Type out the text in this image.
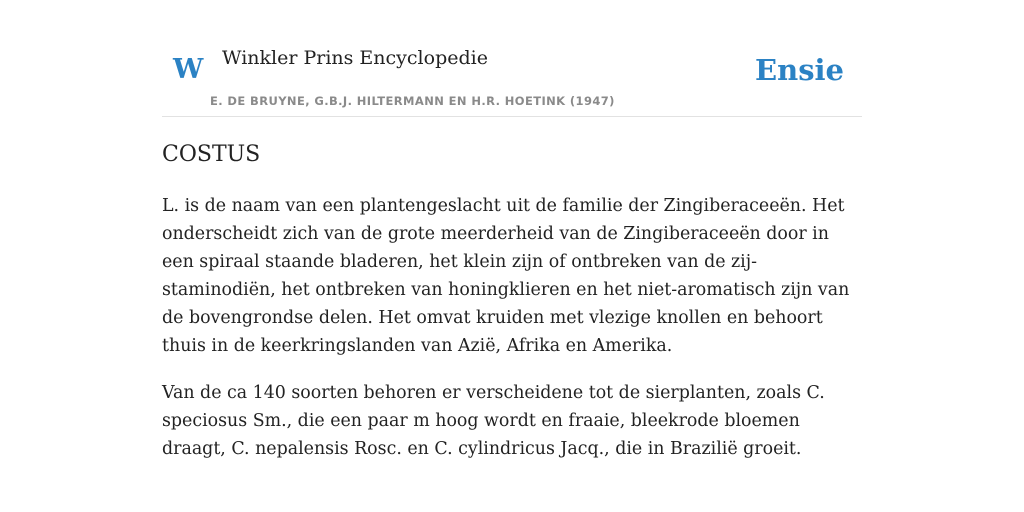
W Winkler Prins Encyclopedie
E. DE BRUYNE, G.B.J. HILTERMANN EN H.R. HOETINK (1947)
Ensie
COSTUS

L. is de naam van een plantengeslacht uit de familie der Zingiberaceeën. Het onderscheidt zich van de grote meerderheid van de Zingiberaceeën door in een spiraal staande bladeren, het klein zijn of ontbreken van de zij-staminodiën, het ontbreken van honingklieren en het niet-aromatisch zijn van de bovengrondse delen. Het omvat kruiden met vlezige knollen en behoort thuis in de keerkringslanden van Azië, Afrika en Amerika.

Van de ca 140 soorten behoren er verscheidene tot de sierplanten, zoals C. speciosus Sm., die een paar m hoog wordt en fraaie, bleekrode bloemen draagt, C. nepalensis Rosc. en C. cylindricus Jacq., die in Brazilië groeit.
